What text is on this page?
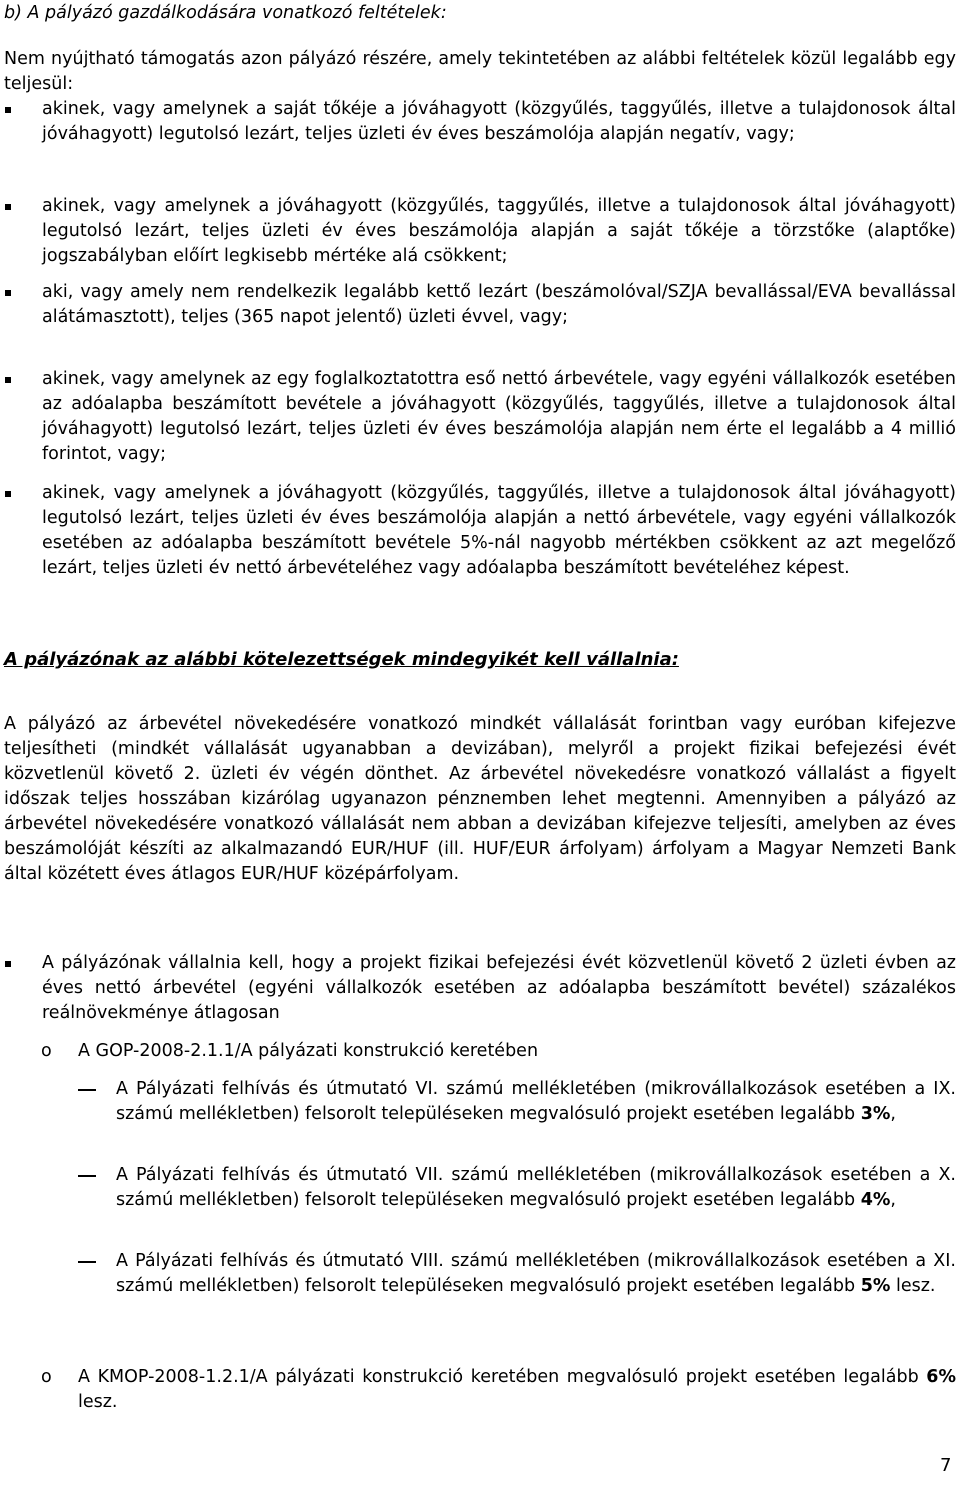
b) A pályázó gazdálkodására vonatkozó feltételek:
Nem nyújtható támogatás azon pályázó részére, amely tekintetében az alábbi feltételek közül legalább egy teljesül:
akinek, vagy amelynek a saját tőkéje a jóváhagyott (közgyűlés, taggyűlés, illetve a tulajdonosok által jóváhagyott) legutolsó lezárt, teljes üzleti év éves beszámolója alapján negatív, vagy;
akinek, vagy amelynek a jóváhagyott (közgyűlés, taggyűlés, illetve a tulajdonosok által jóváhagyott) legutolsó lezárt, teljes üzleti év éves beszámolója alapján a saját tőkéje a törzstőke (alaptőke) jogszabályban előírt legkisebb mértéke alá csökkent;
aki, vagy amely nem rendelkezik legalább kettő lezárt (beszámolóval/SZJA bevallással/EVA bevallással alátámasztott), teljes (365 napot jelentő) üzleti évvel, vagy;
akinek, vagy amelynek az egy foglalkoztatottra eső nettó árbevétele, vagy egyéni vállalkozók esetében az adóalapba beszámított bevétele a jóváhagyott (közgyűlés, taggyűlés, illetve a tulajdonosok által jóváhagyott) legutolsó lezárt, teljes üzleti év éves beszámolója alapján nem érte el legalább a 4 millió forintot, vagy;
akinek, vagy amelynek a jóváhagyott (közgyűlés, taggyűlés, illetve a tulajdonosok által jóváhagyott) legutolsó lezárt, teljes üzleti év éves beszámolója alapján a nettó árbevétele, vagy egyéni vállalkozók esetében az adóalapba beszámított bevétele 5%-nál nagyobb mértékben csökkent az azt megelőző lezárt, teljes üzleti év nettó árbevételéhez vagy adóalapba beszámított bevételéhez képest.
A pályázónak az alábbi kötelezettségek mindegyikét kell vállalnia:
A pályázó az árbevétel növekedésére vonatkozó mindkét vállalását forintban vagy euróban kifejezve teljesítheti (mindkét vállalását ugyanabban a devizában), melyről a projekt fizikai befejezési évét közvetlenül követő 2. üzleti év végén dönthet. Az árbevétel növekedésre vonatkozó vállalást a figyelt időszak teljes hosszában kizárólag ugyanazon pénznemben lehet megtenni. Amennyiben a pályázó az árbevétel növekedésére vonatkozó vállalását nem abban a devizában kifejezve teljesíti, amelyben az éves beszámolóját készíti az alkalmazandó EUR/HUF (ill. HUF/EUR árfolyam) árfolyam a Magyar Nemzeti Bank által közétett éves átlagos EUR/HUF középárfolyam.
A pályázónak vállalnia kell, hogy a projekt fizikai befejezési évét közvetlenül követő 2 üzleti évben az éves nettó árbevétel (egyéni vállalkozók esetében az adóalapba beszámított bevétel) százalékos reálnövekménye átlagosan
o A GOP-2008-2.1.1/A pályázati konstrukció keretében
A Pályázati felhívás és útmutató VI. számú mellékletében (mikrovállalkozások esetében a IX. számú mellékletben) felsorolt településeken megvalósuló projekt esetében legalább 3%,
A Pályázati felhívás és útmutató VII. számú mellékletében (mikrovállalkozások esetében a X. számú mellékletben) felsorolt településeken megvalósuló projekt esetében legalább 4%,
A Pályázati felhívás és útmutató VIII. számú mellékletében (mikrovállalkozások esetében a XI. számú mellékletben) felsorolt településeken megvalósuló projekt esetében legalább 5% lesz.
o A KMOP-2008-1.2.1/A pályázati konstrukció keretében megvalósuló projekt esetében legalább 6% lesz.
7
